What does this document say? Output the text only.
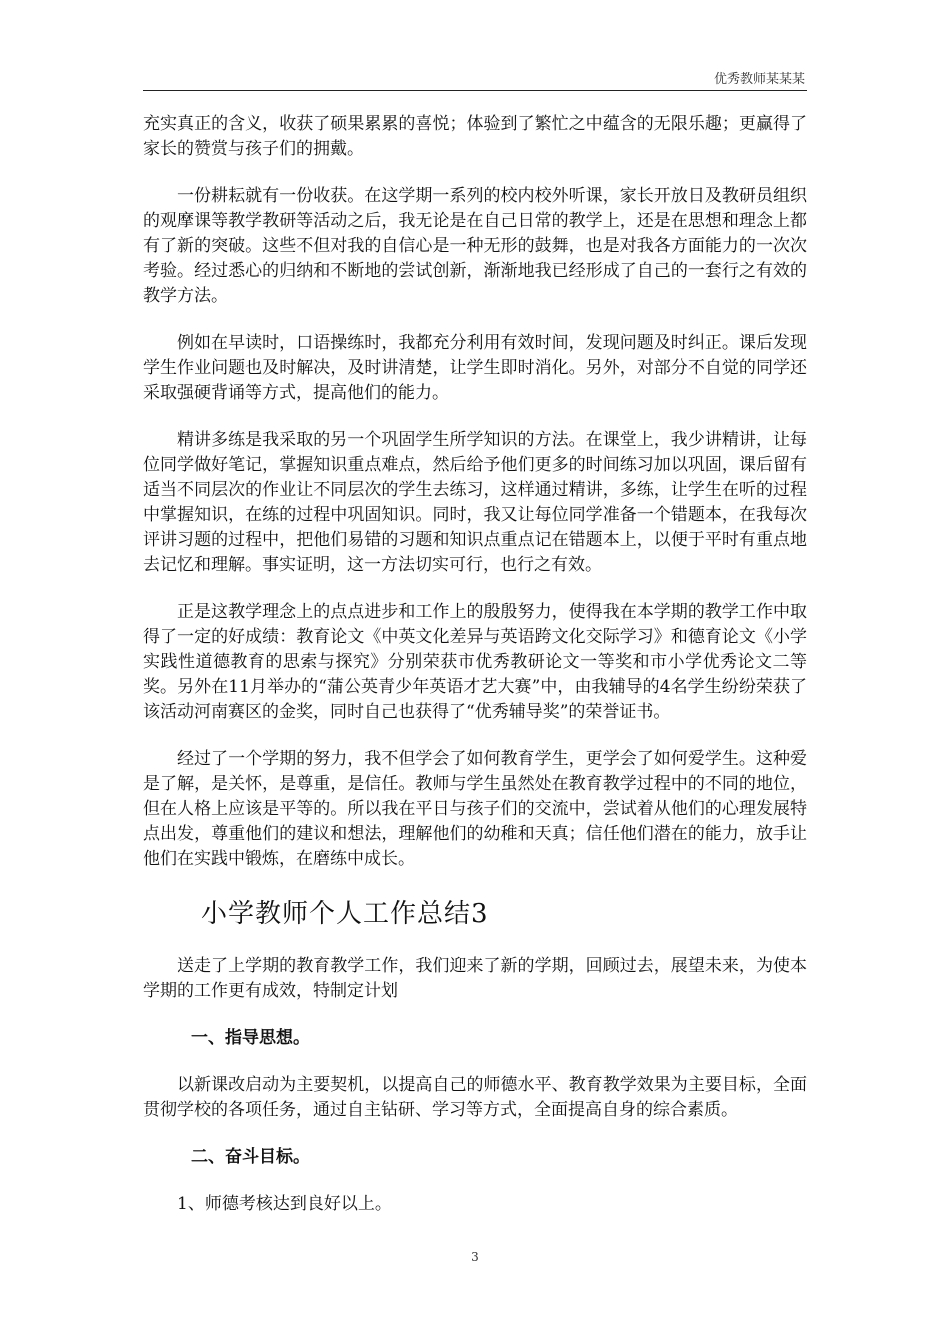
优秀教师某某某

充实真正的含义，收获了硕果累累的喜悦；体验到了繁忙之中蕴含的无限乐趣；更赢得了家长的赞赏与孩子们的拥戴。

一份耕耘就有一份收获。在这学期一系列的校内校外听课，家长开放日及教研员组织的观摩课等教学教研等活动之后，我无论是在自己日常的教学上，还是在思想和理念上都有了新的突破。这些不但对我的自信心是一种无形的鼓舞，也是对我各方面能力的一次次考验。经过悉心的归纳和不断地的尝试创新，渐渐地我已经形成了自己的一套行之有效的教学方法。

例如在早读时，口语操练时，我都充分利用有效时间，发现问题及时纠正。课后发现学生作业问题也及时解决，及时讲清楚，让学生即时消化。另外，对部分不自觉的同学还采取强硬背诵等方式，提高他们的能力。

精讲多练是我采取的另一个巩固学生所学知识的方法。在课堂上，我少讲精讲，让每位同学做好笔记，掌握知识重点难点，然后给予他们更多的时间练习加以巩固，课后留有适当不同层次的作业让不同层次的学生去练习，这样通过精讲，多练，让学生在听的过程中掌握知识，在练的过程中巩固知识。同时，我又让每位同学准备一个错题本，在我每次评讲习题的过程中，把他们易错的习题和知识点重点记在错题本上，以便于平时有重点地去记忆和理解。事实证明，这一方法切实可行，也行之有效。

正是这教学理念上的点点进步和工作上的殷殷努力，使得我在本学期的教学工作中取得了一定的好成绩：教育论文《中英文化差异与英语跨文化交际学习》和德育论文《小学实践性道德教育的思索与探究》分别荣获市优秀教研论文一等奖和市小学优秀论文二等奖。另外在11月举办的“蒲公英青少年英语才艺大赛”中，由我辅导的4名学生纷纷荣获了该活动河南赛区的金奖，同时自己也获得了“优秀辅导奖”的荣誉证书。

经过了一个学期的努力，我不但学会了如何教育学生，更学会了如何爱学生。这种爱是了解，是关怀，是尊重，是信任。教师与学生虽然处在教育教学过程中的不同的地位，但在人格上应该是平等的。所以我在平日与孩子们的交流中，尝试着从他们的心理发展特点出发，尊重他们的建议和想法，理解他们的幼稚和天真；信任他们潜在的能力，放手让他们在实践中锻炼，在磨练中成长。

小学教师个人工作总结3

送走了上学期的教育教学工作，我们迎来了新的学期，回顾过去，展望未来，为使本学期的工作更有成效，特制定计划

一、指导思想。

以新课改启动为主要契机，以提高自己的师德水平、教育教学效果为主要目标，全面贯彻学校的各项任务，通过自主钻研、学习等方式，全面提高自身的综合素质。

二、奋斗目标。

1、师德考核达到良好以上。

3
